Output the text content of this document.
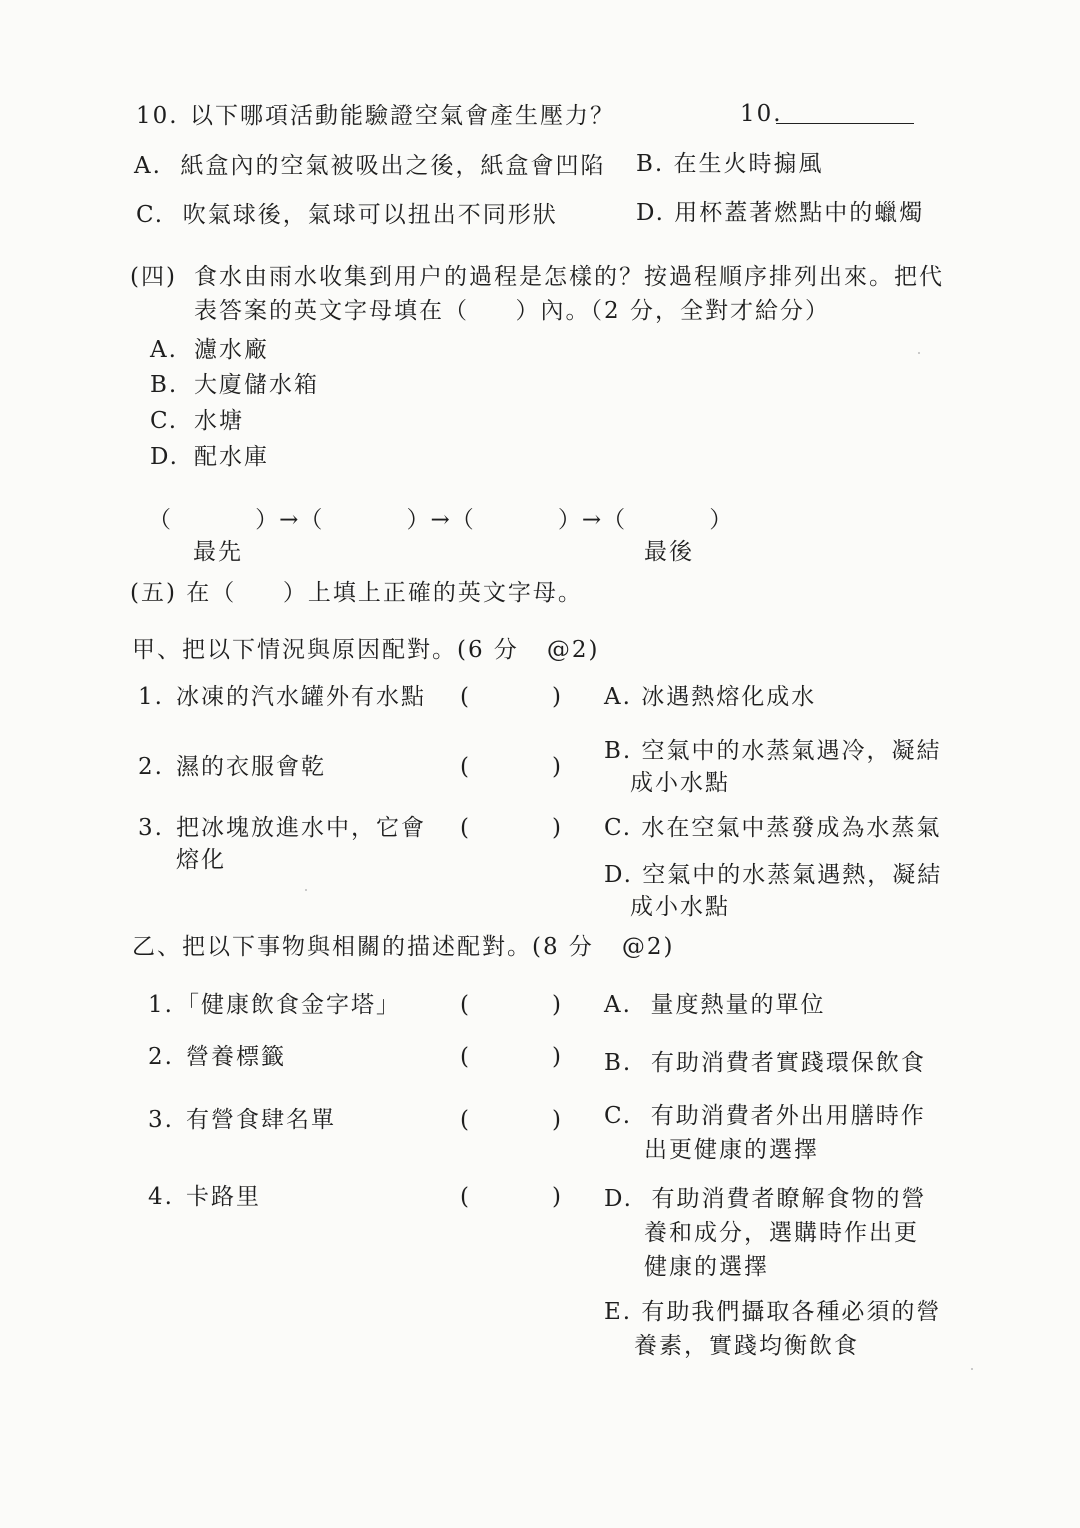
10. 以下哪項活動能驗證空氣會產生壓力？	10.
A.  紙盒內的空氣被吸出之後，紙盒會凹陷 B. 在生火時搧風
C.  吹氣球後，氣球可以扭出不同形狀	D. 用杯蓋著燃點中的蠟燭
(四) 食水由雨水收集到用户的過程是怎樣的？按過程順序排列出來。把代
表答案的英文字母填在（     ）內。（2 分，全對才給分）
A. 濾水廠
B. 大廈儲水箱
C. 水塘
D. 配水庫
（          ）→（          ）→（          ）→（          ）
最先	最後
(五) 在（     ）上填上正確的英文字母。
甲、把以下情況與原因配對。(6 分   @2)
1. 冰凍的汽水罐外有水點 (	)
2. 濕的衣服會乾	(	)
3. 把冰塊放進水中，它會
熔化
(	)
A. 冰遇熱熔化成水
B. 空氣中的水蒸氣遇冷，凝結
成小水點
C. 水在空氣中蒸發成為水蒸氣
D. 空氣中的水蒸氣遇熱，凝結
成小水點
乙、把以下事物與相關的描述配對。(8 分   @2)
1. 「健康飲食金字塔」	(	)
2. 營養標籤	(	)
3. 有營食肆名單	(	)
4. 卡路里	(	)
A.  量度熱量的單位
B.  有助消費者實踐環保飲食
C.  有助消費者外出用膳時作
出更健康的選擇
D.  有助消費者瞭解食物的營
養和成分，選購時作出更
健康的選擇
E. 有助我們攝取各種必須的營
養素，實踐均衡飲食
